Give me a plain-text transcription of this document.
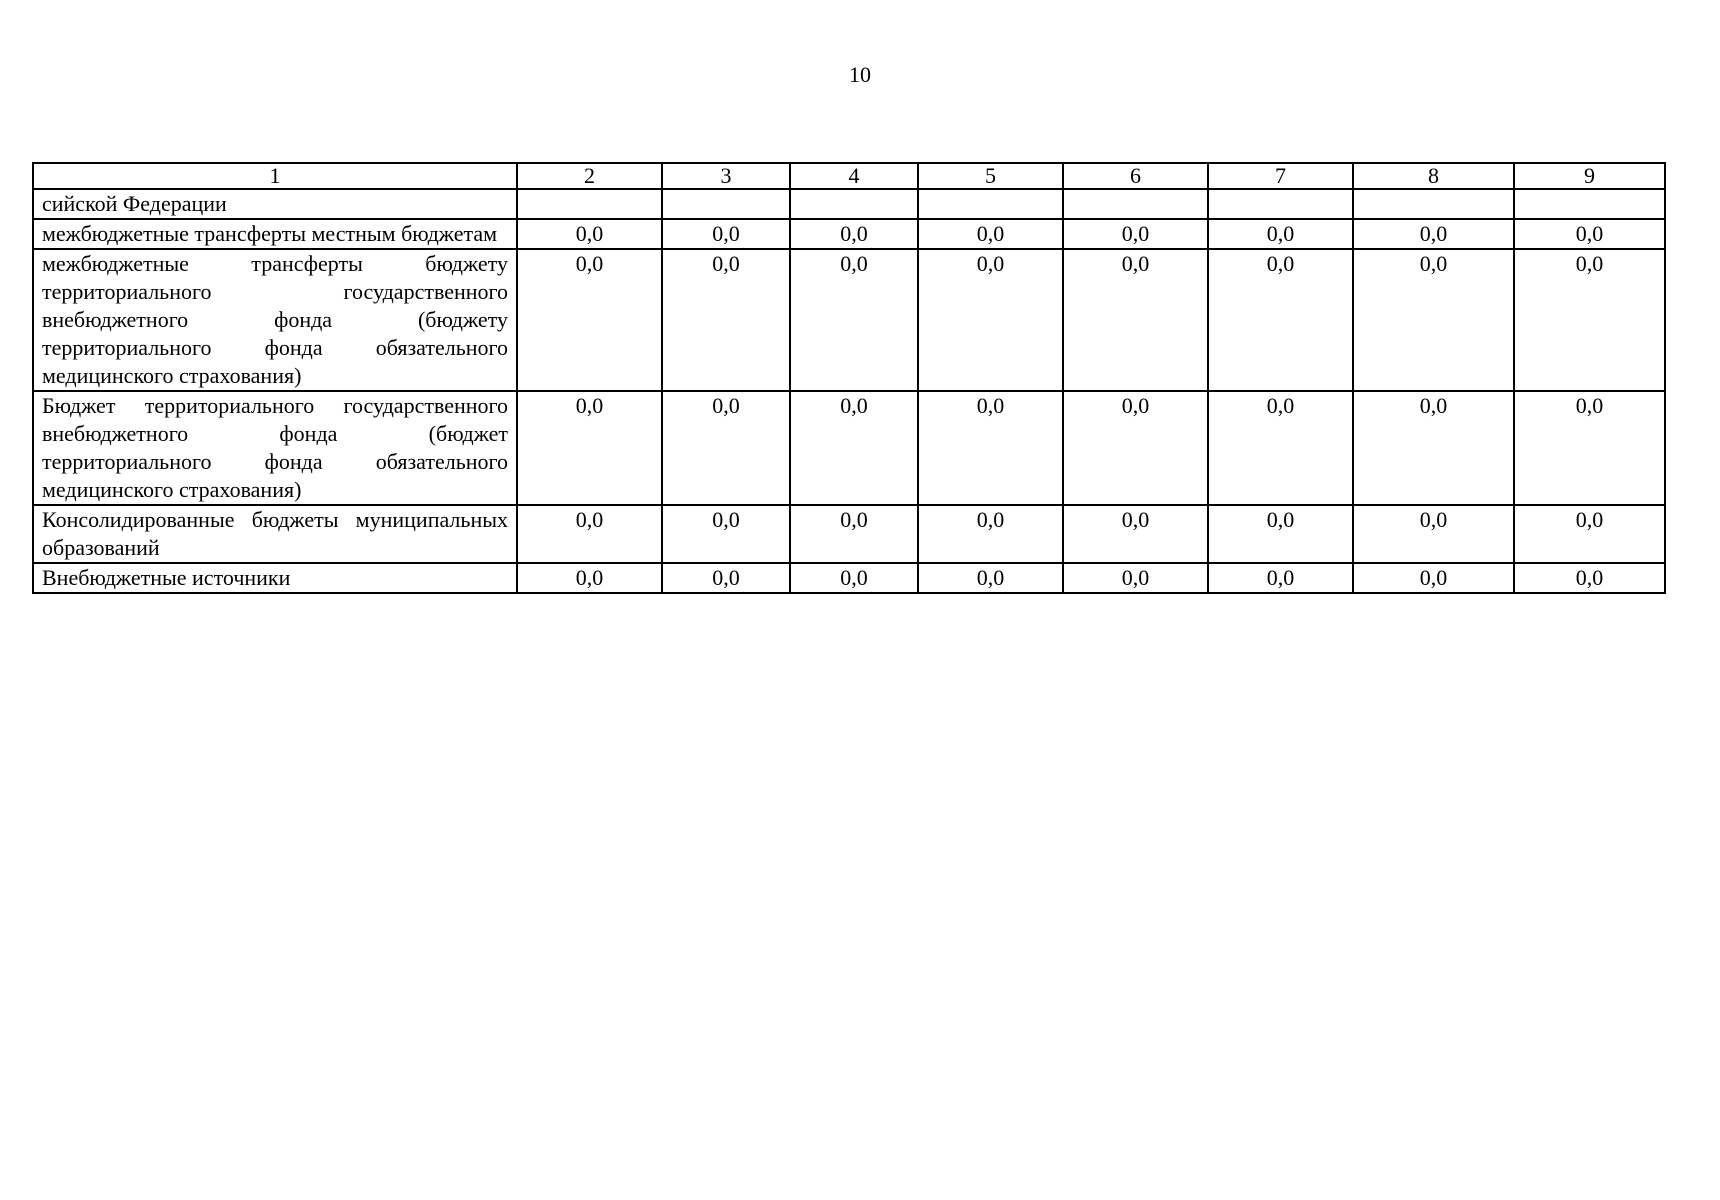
10
1	2	3	4	5	6	7	8	9
сийской Федерации								
межбюджетные трансферты местным бюджетам	0,0	0,0	0,0	0,0	0,0	0,0	0,0	0,0
межбюджетные трансферты бюджету территориального государственного внебюджетного фонда (бюджету территориального фонда обязательного медицинского страхования)	0,0	0,0	0,0	0,0	0,0	0,0	0,0	0,0
Бюджет территориального государственного внебюджетного фонда (бюджет территориального фонда обязательного медицинского страхования)	0,0	0,0	0,0	0,0	0,0	0,0	0,0	0,0
Консолидированные бюджеты муниципальных образований	0,0	0,0	0,0	0,0	0,0	0,0	0,0	0,0
Внебюджетные источники	0,0	0,0	0,0	0,0	0,0	0,0	0,0	0,0
